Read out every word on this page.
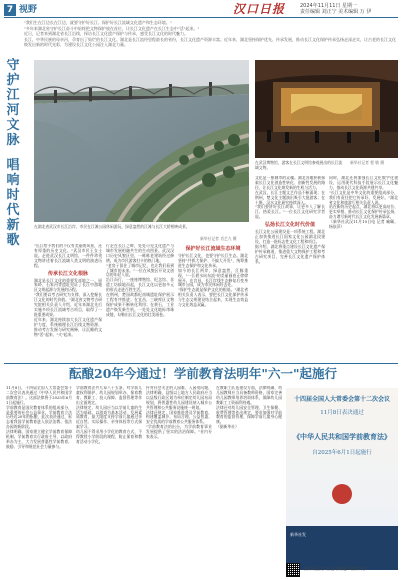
7 视野	汉口日报	2024年11月11日 星期一
责任编辑 刘正宁 美术编辑 万 伊

"我们生在江边长在江边，就要守护好长江，保护好长江流域文化遗产和生态环境。"

"多年来湖北省守护长江奋斗中始终把文物保护放在首位，让长江文化遗产在长江生态中"活"起来。"

近日，记者来到湖北省长江沿线，探访长江文化遗产保护与传承，感受长江文化的时代魅力。

长江，中华民族的母亲河，孕育出了灿烂的长江文化。湖北是长江流经里程最长的省份，长江文化遗产资源丰富。近年来，湖北坚持保护优先、传承发展，推动长江文化保护传承弘扬走深走实，让古老的长江文化焕发出新的时代光彩，为建设长江文化公园注入湖北力量。

守护江河文脉
唱响时代新歌
在湖北省武汉市长江沿岸，市民在江滩公园休闲游玩，绿意盎然的江滩与长江大桥相映成景。
新华社记者 肖艺九 摄
在武汉博物馆，游客在长江文明馆参观展出的长江流域文物。
新华社记者 程 敏 摄

"长江给予我们的不仅有美丽的风景，还有厚重的历史文化。"武汉市民王女士说。走进武汉长江文明馆，一件件珍贵文物讲述着长江流域人类文明的演进历程。

传承长江文化根脉

湖北是长江文化的重要发祥地之一。屈家岭、石家河等遗址见证了长江中游地区文明起源与发展的历程。

"我们要以考古研究为支撑，深入挖掘长江文化的时代价值。"湖北省文物考古研究院相关负责人介绍，近年来湖北先后实施多项长江流域考古项目，取得了一批重要成果。

近年来，湖北持续加大长江文化遗产保护力度，系统梳理长江沿线文物资源，推动考古发掘与研究阐释，让沉睡的文物"活"起来、"火"起来。

行走在长江之畔，处处可见文化遗产与城市发展相融共生的生动图景。武汉汉口历史风貌区里，一栋栋老建筑经过修缮，成为市民游客打卡的热门地。

"老房子留住了城市记忆，也让我们看到了城市的未来。"一位在风貌区开设文创店的年轻人说。

沿江而行，一座座博物馆、纪念馆、非遗工坊拔地而起，长江文化以更加多元的形式走进百姓生活。

在荆州，楚国故都纪南城遗址保护展示工程有序推进；在宜昌，三峡库区文物保护成果不断转化利用；在黄石，工业遗产焕发新生机。一处处文化地标串珠成链，勾勒出长江文化的壮美画卷。

保护好长江流域生态环境

守护长江文化，也要守护长江生态。湖北坚持"共抓大保护、不搞大开发"，统筹推进生态保护和文化传承。

如今的长江两岸，绿意盎然，江豚重现，"一江碧水向东流"的美丽画卷正徐徐展开。在宜昌，长江岸线生态修复后变身城市公园，成为市民休闲好去处。

"保护生态就是保护文化的根基。"湖北省相关负责人表示，要把长江文化保护传承与生态文明建设结合起来，实现生态效益与文化效益双赢。

文化是一座城市的灵魂。湖北各地积极探索长江文化创造性转化、创新性发展的路径，让长江文化焕发新的生机与活力。

在武汉，长江主题文艺作品不断涌现；在荆州，楚文化主题演出吸引大批游客；在十堰，汉水文化研究持续深入。

"我们要讲好长江故事，让更多人了解长江、热爱长江。"一位长江文化研究学者说。

弘扬长江文化时代价值

长江文化公园建设是一项系统工程。湖北正加快推进长江国家文化公园湖北段建设，打造一批标志性文化工程和项目。

据介绍，湖北将重点建设长江文化遗产保护传承廊道，推进重大文物保护工程和考古研究项目，完善长江文化遗产保护体系。

同时，湖北还将加强长江文化数字化建设，运用现代科技手段展示长江文化魅力，推动长江文化资源共建共享。

"长江文化是中华文化的重要组成部分，我们有责任把它传承好、发展好。"湖北省文化和旅游厅相关负责人说。

站在新的历史起点，湖北将以更高站位、更实举措，推动长江文化保护传承弘扬，奋力谱写新时代长江文化发展新篇章。

（新华社武汉11月10日电 记者 喻珮、杨依萍）

酝酿20年今通过！学前教育法明年"六一"起施行

11月8日，十四届全国人大常委会第十二次会议表决通过《中华人民共和国学前教育法》。这部法律将于2025年6月1日起施行。

学前教育是国民教育体系的组成部分，是重要的社会公益事业。学前教育立法历经近20年的酝酿，此次表决通过，标志着我国学前教育进入依法治教、依法办园的新阶段。

法律明确，国家建立健全学前教育保障机制。学前教育实行政府主导，以政府举办为主，大力发展普惠性学前教育，鼓励、引导和规范社会力量参与。

学前教育法共九章八十五条，对学前儿童权利保护、幼儿园规划举办、保育教育、教职工、投入保障、监督管理等作出全面规定。

法律规定，幼儿园应当以学前儿童的生活为基础，以游戏为基本活动，发展素质教育，最大限度支持学前儿童通过亲近自然、实际操作、亲身体验等方式探索学习。

幼儿园不得采用小学化的教育方式，不得教授小学阶段的课程，防止保育和教育活动小学化。

针对社会关注的入园难、入园贵问题，法律明确，县级以上地方人民政府应当以县级行政区划为单位制定幼儿园布局规划，将普惠性幼儿园建设纳入城乡公共管理和公共服务设施统一规划。

法律还规定，国家推进普及学前教育，构建覆盖城乡、布局合理、公益普惠、安全优质的学前教育公共服务体系。

"学前教育法的出台，为学前教育事业发展提供了坚实的法治保障。"业内专家表示。

在教职工队伍建设方面，法律明确，幼儿园教师应当具备教师资格，国家完善幼儿园教师培养培训体系，保障幼儿园教职工工资福利待遇。

法律还对幼儿园安全管理、卫生保健、收费管理等作出规定，要求加强对学前教育的监督管理，保障学前儿童身心健康。

（据新华社）

十四届全国人大常委会第十二次会议
11月8日表决通过
《中华人民共和国学前教育法》
自2025年6月1日起施行
新华社发
扫码关注汉口日报 获取更多精彩内容
